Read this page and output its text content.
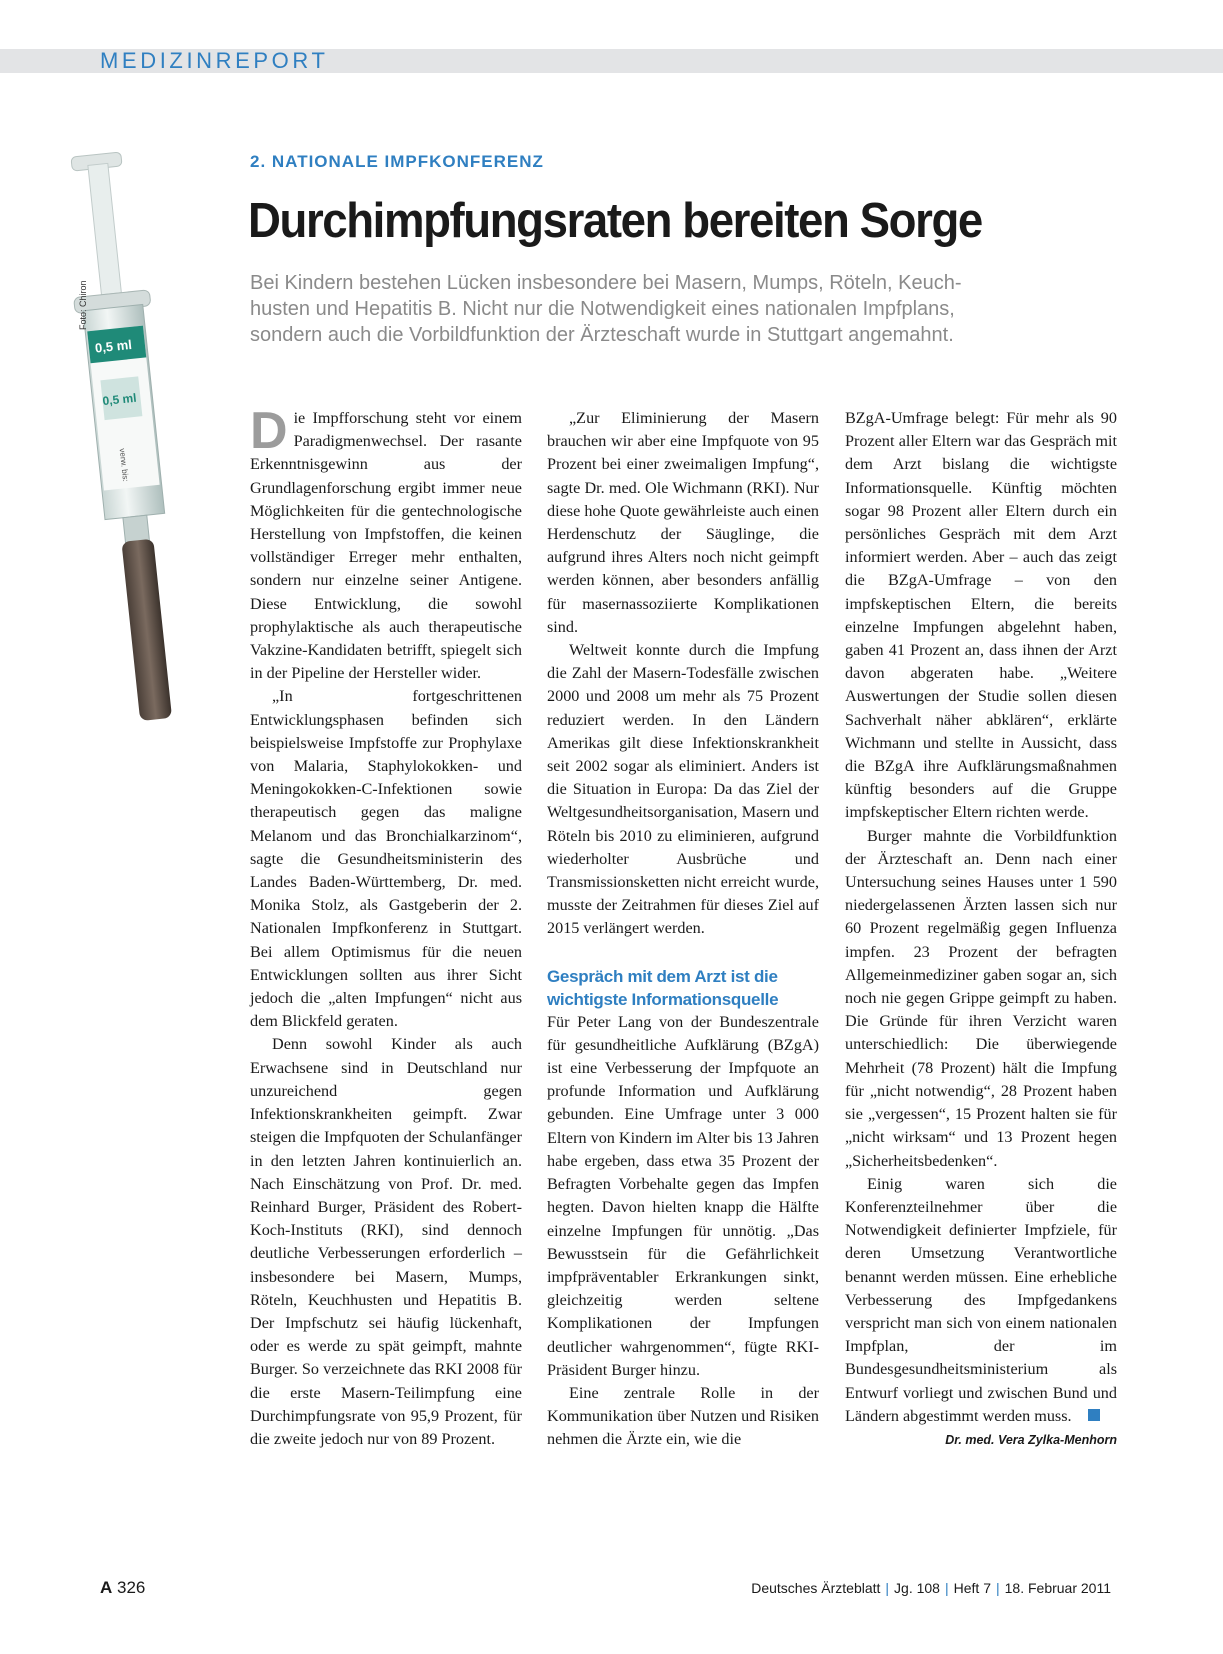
MEDIZINREPORT
0,5 ml
0,5 ml
verw. bis:
Foto: Chiron
2. NATIONALE IMPFKONFERENZ
Durchimpfungsraten bereiten Sorge
Bei Kindern bestehen Lücken insbesondere bei Masern, Mumps, Röteln, Keuch-
husten und Hepatitis B. Nicht nur die Notwendigkeit eines nationalen Impfplans,
sondern auch die Vorbildfunktion der Ärzteschaft wurde in Stuttgart angemahnt.

Die Impfforschung steht vor einem Paradigmenwechsel. Der rasante Erkenntnisgewinn aus der Grundlagenforschung ergibt immer neue Möglichkeiten für die gentechnologische Herstellung von Impfstoffen, die keinen vollständiger Erreger mehr enthalten, sondern nur einzelne seiner Antigene. Diese Entwicklung, die sowohl prophylaktische als auch therapeutische Vakzine-Kandidaten betrifft, spiegelt sich in der Pipeline der Hersteller wider.

„In fortgeschrittenen Entwicklungsphasen befinden sich beispielsweise Impfstoffe zur Prophylaxe von Malaria, Staphylokokken- und Meningokokken-C-Infektionen sowie therapeutisch gegen das maligne Melanom und das Bronchialkarzinom“, sagte die Gesundheitsministerin des Landes Baden-Württemberg, Dr. med. Monika Stolz, als Gastgeberin der 2. Nationalen Impfkonferenz in Stuttgart. Bei allem Optimismus für die neuen Entwicklungen sollten aus ihrer Sicht jedoch die „alten Impfungen“ nicht aus dem Blickfeld geraten.

Denn sowohl Kinder als auch Erwachsene sind in Deutschland nur unzureichend gegen Infektionskrankheiten geimpft. Zwar steigen die Impfquoten der Schulanfänger in den letzten Jahren kontinuierlich an. Nach Einschätzung von Prof. Dr. med. Reinhard Burger, Präsident des Robert-Koch-Instituts (RKI), sind dennoch deutliche Verbesserungen erforderlich – insbesondere bei Masern, Mumps, Röteln, Keuchhusten und Hepatitis B. Der Impfschutz sei häufig lückenhaft, oder es werde zu spät geimpft, mahnte Burger. So verzeichnete das RKI 2008 für die erste Masern-Teilimpfung eine Durchimpfungsrate von 95,9 Prozent, für die zweite jedoch nur von 89 Prozent.

„Zur Eliminierung der Masern brauchen wir aber eine Impfquote von 95 Prozent bei einer zweimaligen Impfung“, sagte Dr. med. Ole Wichmann (RKI). Nur diese hohe Quote gewährleiste auch einen Herdenschutz der Säuglinge, die aufgrund ihres Alters noch nicht geimpft werden können, aber besonders anfällig für masernassoziierte Komplikationen sind.

Weltweit konnte durch die Impfung die Zahl der Masern-Todesfälle zwischen 2000 und 2008 um mehr als 75 Prozent reduziert werden. In den Ländern Amerikas gilt diese Infektionskrankheit seit 2002 sogar als eliminiert. Anders ist die Situation in Europa: Da das Ziel der Weltgesundheitsorganisation, Masern und Röteln bis 2010 zu eliminieren, aufgrund wiederholter Ausbrüche und Transmissionsketten nicht erreicht wurde, musste der Zeitrahmen für dieses Ziel auf 2015 verlängert werden.

Gespräch mit dem Arzt ist die wichtigste Informationsquelle

Für Peter Lang von der Bundeszentrale für gesundheitliche Aufklärung (BZgA) ist eine Verbesserung der Impfquote an profunde Information und Aufklärung gebunden. Eine Umfrage unter 3 000 Eltern von Kindern im Alter bis 13 Jahren habe ergeben, dass etwa 35 Prozent der Befragten Vorbehalte gegen das Impfen hegten. Davon hielten knapp die Hälfte einzelne Impfungen für unnötig. „Das Bewusstsein für die Gefährlichkeit impfpräventabler Erkrankungen sinkt, gleichzeitig werden seltene Komplikationen der Impfungen deutlicher wahrgenommen“, fügte RKI-Präsident Burger hinzu.

Eine zentrale Rolle in der Kommunikation über Nutzen und Risiken nehmen die Ärzte ein, wie die

BZgA-Umfrage belegt: Für mehr als 90 Prozent aller Eltern war das Gespräch mit dem Arzt bislang die wichtigste Informationsquelle. Künftig möchten sogar 98 Prozent aller Eltern durch ein persönliches Gespräch mit dem Arzt informiert werden. Aber – auch das zeigt die BZgA-Umfrage – von den impfskeptischen Eltern, die bereits einzelne Impfungen abgelehnt haben, gaben 41 Prozent an, dass ihnen der Arzt davon abgeraten habe. „Weitere Auswertungen der Studie sollen diesen Sachverhalt näher abklären“, erklärte Wichmann und stellte in Aussicht, dass die BZgA ihre Aufklärungsmaßnahmen künftig besonders auf die Gruppe impfskeptischer Eltern richten werde.

Burger mahnte die Vorbildfunktion der Ärzteschaft an. Denn nach einer Untersuchung seines Hauses unter 1 590 niedergelassenen Ärzten lassen sich nur 60 Prozent regelmäßig gegen Influenza impfen. 23 Prozent der befragten Allgemeinmediziner gaben sogar an, sich noch nie gegen Grippe geimpft zu haben. Die Gründe für ihren Verzicht waren unterschiedlich: Die überwiegende Mehrheit (78 Prozent) hält die Impfung für „nicht notwendig“, 28 Prozent haben sie „vergessen“, 15 Prozent halten sie für „nicht wirksam“ und 13 Prozent hegen „Sicherheitsbedenken“.

Einig waren sich die Konferenzteilnehmer über die Notwendigkeit definierter Impfziele, für deren Umsetzung Verantwortliche benannt werden müssen. Eine erhebliche Verbesserung des Impfgedankens verspricht man sich von einem nationalen Impfplan, der im Bundesgesundheitsministerium als Entwurf vorliegt und zwischen Bund und Ländern abgestimmt werden muss.

Dr. med. Vera Zylka-Menhorn
A 326	Deutsches Ärzteblatt | Jg. 108 | Heft 7 | 18. Februar 2011
